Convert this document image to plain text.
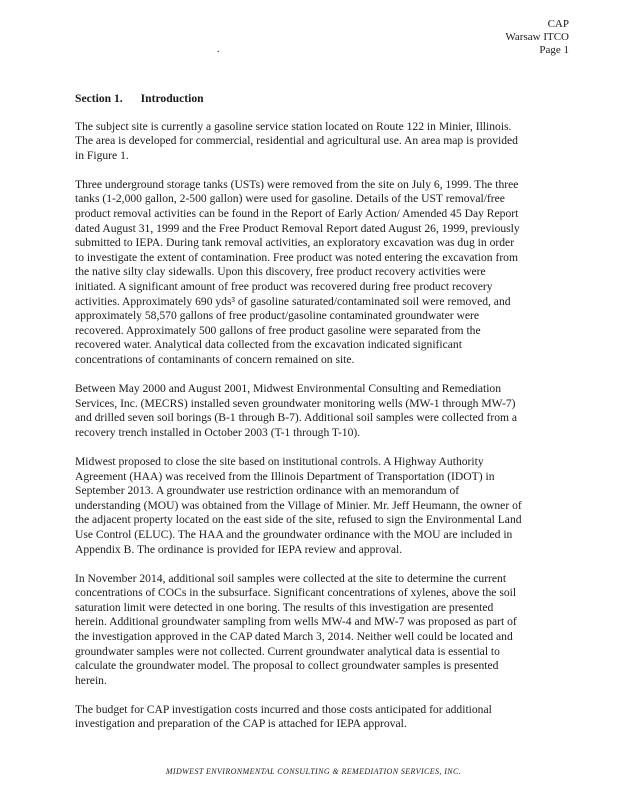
CAP
Warsaw ITCO
Page 1
.
Section 1. Introduction
The subject site is currently a gasoline service station located on Route 122 in Minier, Illinois.
The area is developed for commercial, residential and agricultural use. An area map is provided
in Figure 1.
Three underground storage tanks (USTs) were removed from the site on July 6, 1999. The three
tanks (1-2,000 gallon, 2-500 gallon) were used for gasoline. Details of the UST removal/free
product removal activities can be found in the Report of Early Action/ Amended 45 Day Report
dated August 31, 1999 and the Free Product Removal Report dated August 26, 1999, previously
submitted to IEPA. During tank removal activities, an exploratory excavation was dug in order
to investigate the extent of contamination. Free product was noted entering the excavation from
the native silty clay sidewalls. Upon this discovery, free product recovery activities were
initiated. A significant amount of free product was recovered during free product recovery
activities. Approximately 690 yds³ of gasoline saturated/contaminated soil were removed, and
approximately 58,570 gallons of free product/gasoline contaminated groundwater were
recovered. Approximately 500 gallons of free product gasoline were separated from the
recovered water. Analytical data collected from the excavation indicated significant
concentrations of contaminants of concern remained on site.
Between May 2000 and August 2001, Midwest Environmental Consulting and Remediation
Services, Inc. (MECRS) installed seven groundwater monitoring wells (MW-1 through MW-7)
and drilled seven soil borings (B-1 through B-7). Additional soil samples were collected from a
recovery trench installed in October 2003 (T-1 through T-10).
Midwest proposed to close the site based on institutional controls. A Highway Authority
Agreement (HAA) was received from the Illinois Department of Transportation (IDOT) in
September 2013. A groundwater use restriction ordinance with an memorandum of
understanding (MOU) was obtained from the Village of Minier. Mr. Jeff Heumann, the owner of
the adjacent property located on the east side of the site, refused to sign the Environmental Land
Use Control (ELUC). The HAA and the groundwater ordinance with the MOU are included in
Appendix B. The ordinance is provided for IEPA review and approval.
In November 2014, additional soil samples were collected at the site to determine the current
concentrations of COCs in the subsurface. Significant concentrations of xylenes, above the soil
saturation limit were detected in one boring. The results of this investigation are presented
herein. Additional groundwater sampling from wells MW-4 and MW-7 was proposed as part of
the investigation approved in the CAP dated March 3, 2014. Neither well could be located and
groundwater samples were not collected. Current groundwater analytical data is essential to
calculate the groundwater model. The proposal to collect groundwater samples is presented
herein.
The budget for CAP investigation costs incurred and those costs anticipated for additional
investigation and preparation of the CAP is attached for IEPA approval.
MIDWEST ENVIRONMENTAL CONSULTING & REMEDIATION SERVICES, INC.
